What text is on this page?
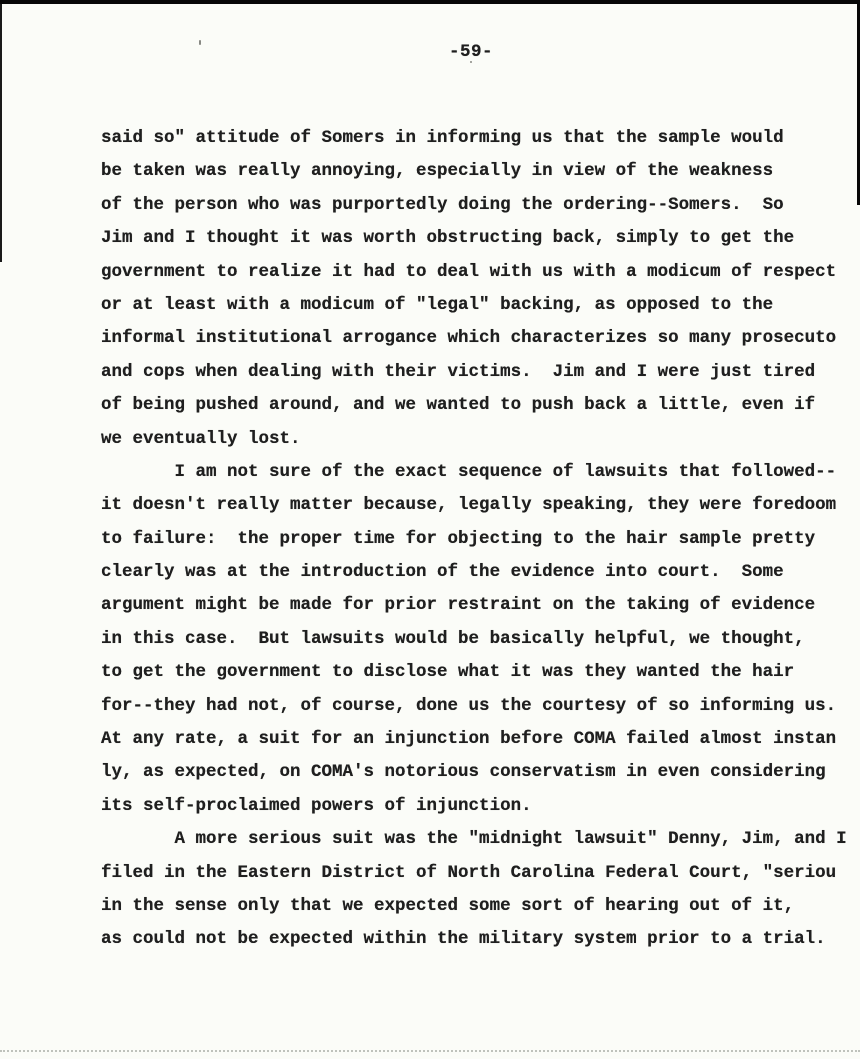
-59-
said so" attitude of Somers in informing us that the sample would
be taken was really annoying, especially in view of the weakness
of the person who was purportedly doing the ordering--Somers.  So
Jim and I thought it was worth obstructing back, simply to get the
government to realize it had to deal with us with a modicum of respect
or at least with a modicum of "legal" backing, as opposed to the
informal institutional arrogance which characterizes so many prosecuto
and cops when dealing with their victims.  Jim and I were just tired
of being pushed around, and we wanted to push back a little, even if
we eventually lost.
I am not sure of the exact sequence of lawsuits that followed--
it doesn't really matter because, legally speaking, they were foredoom
to failure:  the proper time for objecting to the hair sample pretty
clearly was at the introduction of the evidence into court.  Some
argument might be made for prior restraint on the taking of evidence
in this case.  But lawsuits would be basically helpful, we thought,
to get the government to disclose what it was they wanted the hair
for--they had not, of course, done us the courtesy of so informing us.
At any rate, a suit for an injunction before COMA failed almost instan
ly, as expected, on COMA's notorious conservatism in even considering
its self-proclaimed powers of injunction.
A more serious suit was the "midnight lawsuit" Denny, Jim, and I
filed in the Eastern District of North Carolina Federal Court, "seriou
in the sense only that we expected some sort of hearing out of it,
as could not be expected within the military system prior to a trial.
